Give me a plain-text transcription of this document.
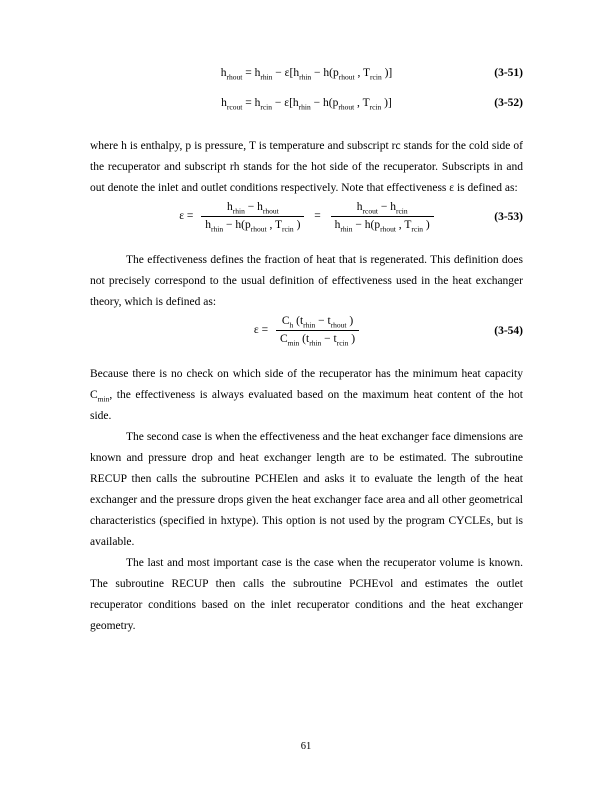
$h_{rhout} = h_{rhin} - \varepsilon[h_{rhin} - h(p_{rhout}$ , $T_{rcin}$ )]	(3-51)
$h_{rcout} = h_{rcin} - \varepsilon[h_{rhin} - h(p_{rhout}$ , $T_{rcin}$ )]	(3-52)

where h is enthalpy, p is pressure, T is temperature and subscript rc stands for the cold side of the recuperator and subscript rh stands for the hot side of the recuperator. Subscripts in and out denote the inlet and outlet conditions respectively. Note that effectiveness ε is defined as:

$\varepsilon = \frac{h_{rhin} - h_{rhout}}{h_{rhin} - h(p_{rhout} , T_{rcin} )} = \frac{h_{rcout} - h_{rcin}}{h_{rhin} - h(p_{rhout} , T_{rcin} )}$	(3-53)

The effectiveness defines the fraction of heat that is regenerated. This definition does not precisely correspond to the usual definition of effectiveness used in the heat exchanger theory, which is defined as:

$\varepsilon = \frac{C_h (t_{rhin} - t_{rhout} )}{C_{min} (t_{rhin} - t_{rcin} )}$	(3-54)

Because there is no check on which side of the recuperator has the minimum heat capacity $C_{min}$, the effectiveness is always evaluated based on the maximum heat content of the hot side.

The second case is when the effectiveness and the heat exchanger face dimensions are known and pressure drop and heat exchanger length are to be estimated. The subroutine RECUP then calls the subroutine PCHElen and asks it to evaluate the length of the heat exchanger and the pressure drops given the heat exchanger face area and all other geometrical characteristics (specified in hxtype). This option is not used by the program CYCLEs, but is available.

The last and most important case is the case when the recuperator volume is known. The subroutine RECUP then calls the subroutine PCHEvol and estimates the outlet recuperator conditions based on the inlet recuperator conditions and the heat exchanger geometry.

61
